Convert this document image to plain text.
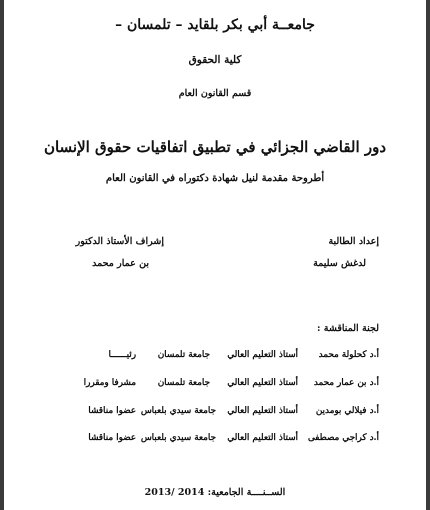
جامعــة أبي بكر بلقايد – تلمسان –
كلية الحقوق
قسم القانون العام
دور القاضي الجزائي في تطبيق اتفاقيات حقوق الإنسان
أطروحة مقدمة لنيل شهادة دكتوراه في القانون العام
إعداد الطالبة
لدغش سليمة
إشراف الأستاذ الدكتور
بن عمار محمد
لجنة المناقشة :
أ.د كحلولة محمد
أستاذ التعليم العالي
جامعة تلمسان
رئيــــــا
أ.د بن عمار محمد
أستاذ التعليم العالي
جامعة تلمسان
مشرفا ومقررا
أ.د فيلالي بومدين
أستاذ التعليم العالي
جامعة سيدي بلعباس
عضوا مناقشا
أ.د كراجي مصطفى
أستاذ التعليم العالي
جامعة سيدي بلعباس
عضوا مناقشا
الســنــــة الجامعية: 2013/ 2014
